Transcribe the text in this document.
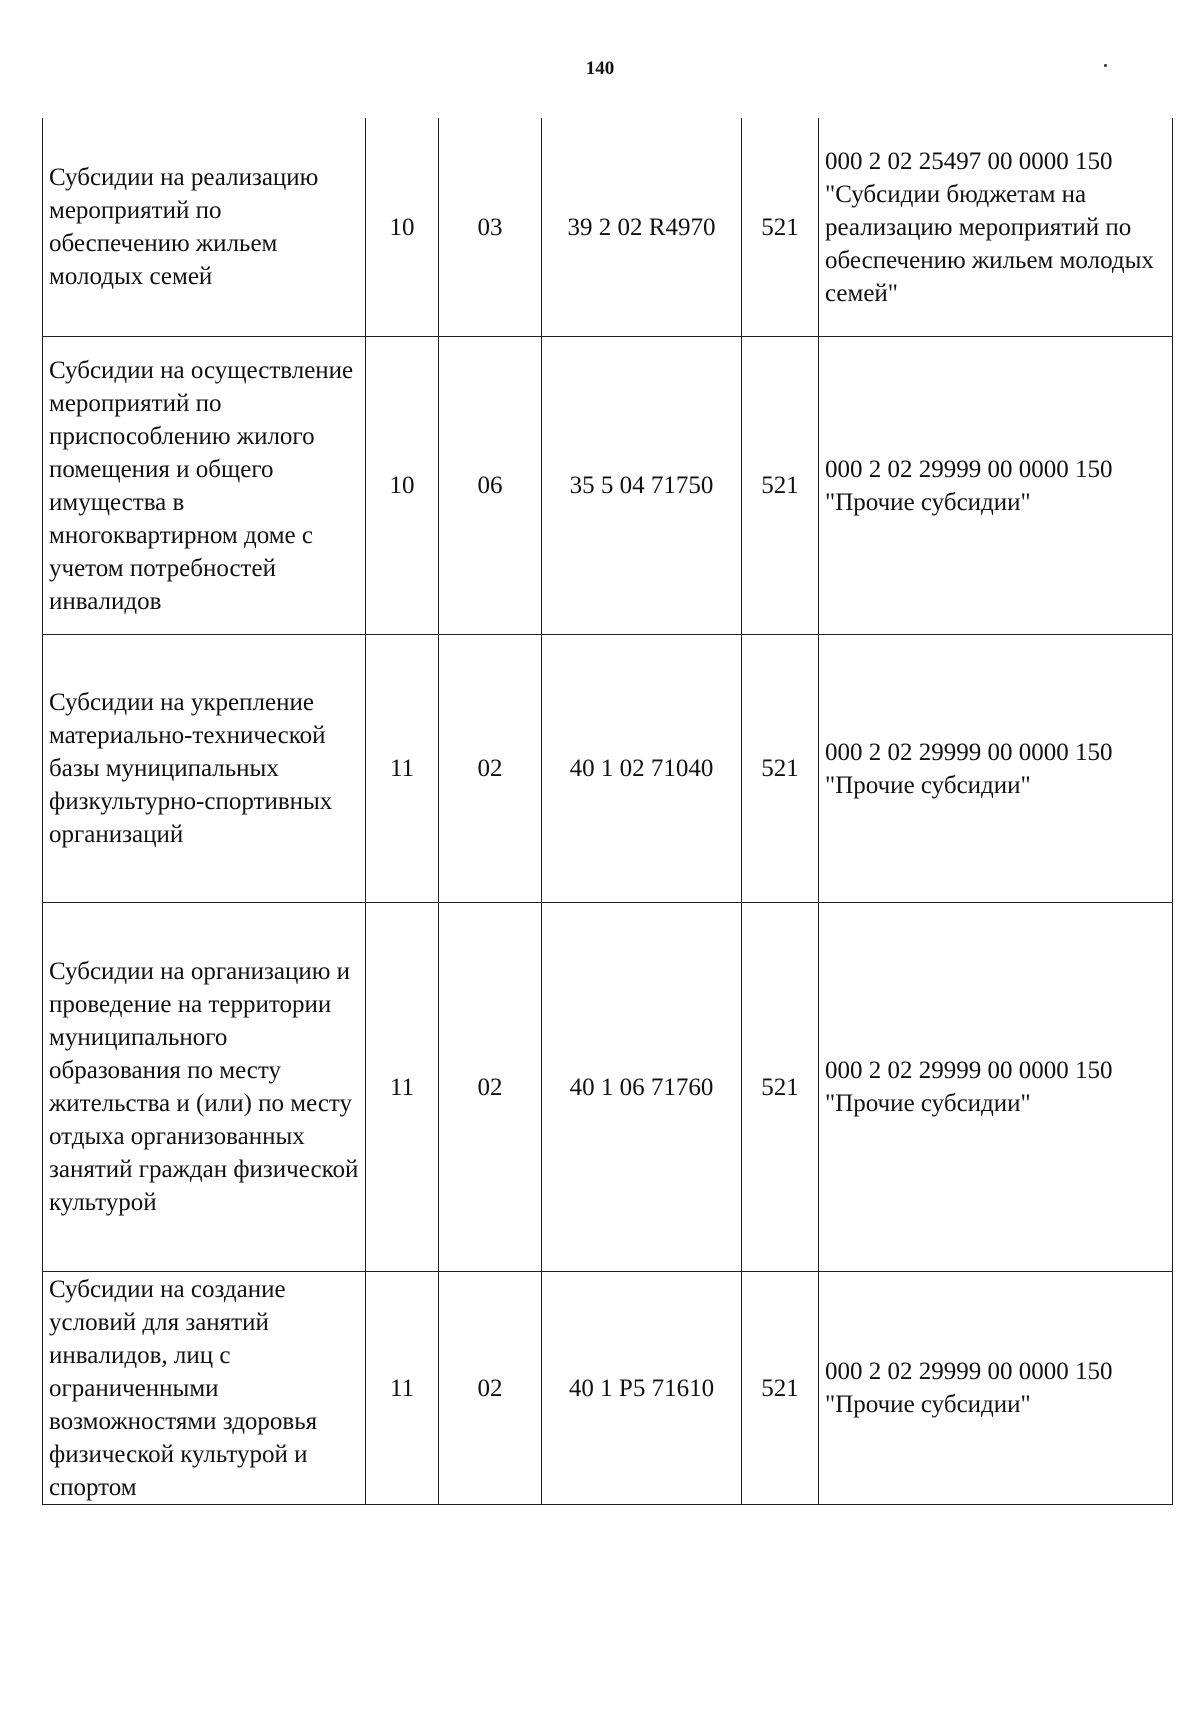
140
Субсидии на реализацию мероприятий по обеспечению жильем молодых семей	10	03	39 2 02 R4970	521	000 2 02 25497 00 0000 150 "Субсидии бюджетам на реализацию мероприятий по обеспечению жильем молодых семей"
Субсидии на осуществление мероприятий по приспособлению жилого помещения и общего имущества в многоквартирном доме с учетом потребностей инвалидов	10	06	35 5 04 71750	521	000 2 02 29999 00 0000 150 "Прочие субсидии"
Субсидии на укрепление материально-технической базы муниципальных физкультурно-спортивных организаций	11	02	40 1 02 71040	521	000 2 02 29999 00 0000 150 "Прочие субсидии"
Субсидии на организацию и проведение на территории муниципального образования по месту жительства и (или) по месту отдыха организованных занятий граждан физической культурой	11	02	40 1 06 71760	521	000 2 02 29999 00 0000 150 "Прочие субсидии"
Субсидии на создание условий для занятий инвалидов, лиц с ограниченными возможностями здоровья физической культурой и спортом	11	02	40 1 P5 71610	521	000 2 02 29999 00 0000 150 "Прочие субсидии"
